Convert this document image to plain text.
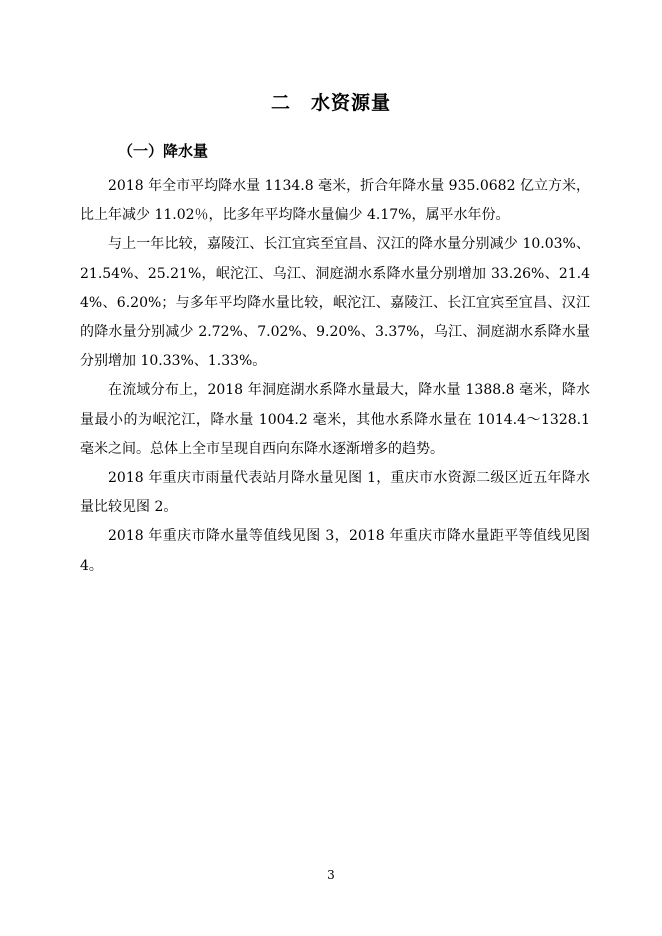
二　水资源量
（一）降水量

2018 年全市平均降水量 1134.8 毫米，折合年降水量 935.0682 亿立方米，比上年减少 11.02％，比多年平均降水量偏少 4.17%，属平水年份。

与上一年比较，嘉陵江、长江宜宾至宜昌、汉江的降水量分别减少 10.03%、21.54%、25.21%，岷沱江、乌江、洞庭湖水系降水量分别增加 33.26%、21.44%、6.20%；与多年平均降水量比较，岷沱江、嘉陵江、长江宜宾至宜昌、汉江的降水量分别减少 2.72%、7.02%、9.20%、3.37%，乌江、洞庭湖水系降水量分别增加 10.33%、1.33%。

在流域分布上，2018 年洞庭湖水系降水量最大，降水量 1388.8 毫米，降水量最小的为岷沱江，降水量 1004.2 毫米，其他水系降水量在 1014.4～1328.1 毫米之间。总体上全市呈现自西向东降水逐渐增多的趋势。

2018 年重庆市雨量代表站月降水量见图 1，重庆市水资源二级区近五年降水量比较见图 2。

2018 年重庆市降水量等值线见图 3，2018 年重庆市降水量距平等值线见图 4。

3
